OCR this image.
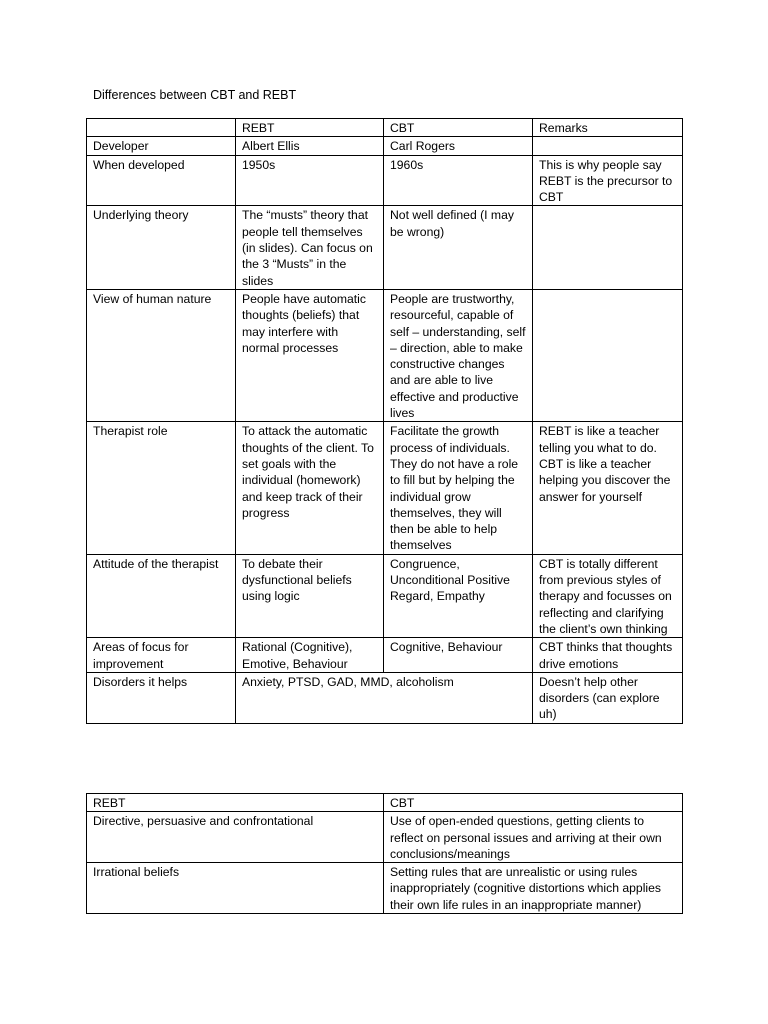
Differences between CBT and REBT
	REBT	CBT	Remarks
Developer	Albert Ellis	Carl Rogers	
When developed	1950s	1960s	This is why people say REBT is the precursor to CBT
Underlying theory	The “musts” theory that people tell themselves (in slides). Can focus on the 3 “Musts” in the slides	Not well defined (I may be wrong)	
View of human nature	People have automatic thoughts (beliefs) that may interfere with normal processes	People are trustworthy, resourceful, capable of self – understanding, self – direction, able to make constructive changes and are able to live effective and productive lives	
Therapist role	To attack the automatic thoughts of the client. To set goals with the individual (homework) and keep track of their progress	Facilitate the growth process of individuals. They do not have a role to fill but by helping the individual grow themselves, they will then be able to help themselves	REBT is like a teacher telling you what to do. CBT is like a teacher helping you discover the answer for yourself
Attitude of the therapist	To debate their dysfunctional beliefs using logic	Congruence, Unconditional Positive Regard, Empathy	CBT is totally different from previous styles of therapy and focusses on reflecting and clarifying the client’s own thinking
Areas of focus for improvement	Rational (Cognitive), Emotive, Behaviour	Cognitive, Behaviour	CBT thinks that thoughts drive emotions
Disorders it helps	Anxiety, PTSD, GAD, MMD, alcoholism		Doesn’t help other disorders (can explore uh)
REBT	CBT
Directive, persuasive and confrontational	Use of open-ended questions, getting clients to reflect on personal issues and arriving at their own conclusions/meanings
Irrational beliefs	Setting rules that are unrealistic or using rules inappropriately (cognitive distortions which applies their own life rules in an inappropriate manner)
